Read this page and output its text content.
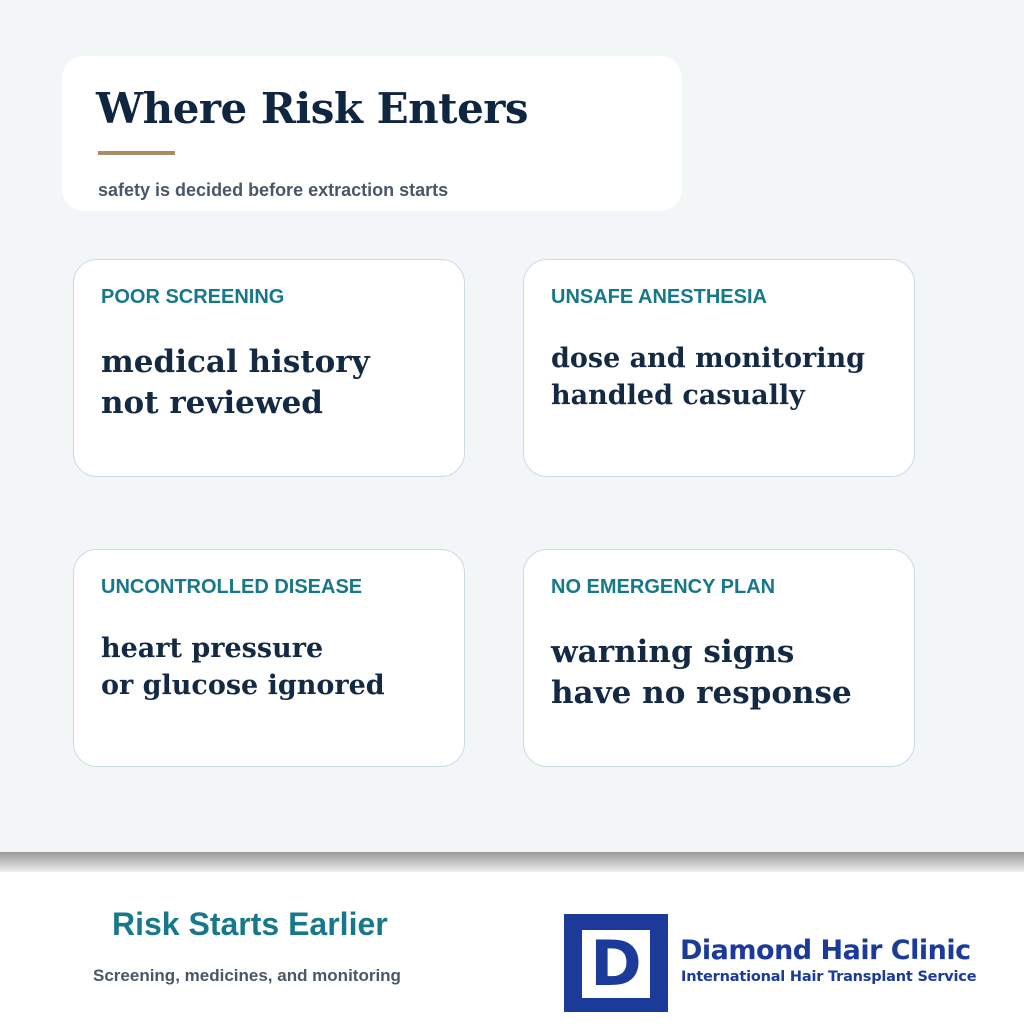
Where Risk Enters
safety is decided before extraction starts
POOR SCREENING
medical history
not reviewed
UNSAFE ANESTHESIA
dose and monitoring
handled casually
UNCONTROLLED DISEASE
heart pressure
or glucose ignored
NO EMERGENCY PLAN
warning signs
have no response
Risk Starts Earlier
Screening, medicines, and monitoring	D	Diamond Hair Clinic
International Hair Transplant Service
